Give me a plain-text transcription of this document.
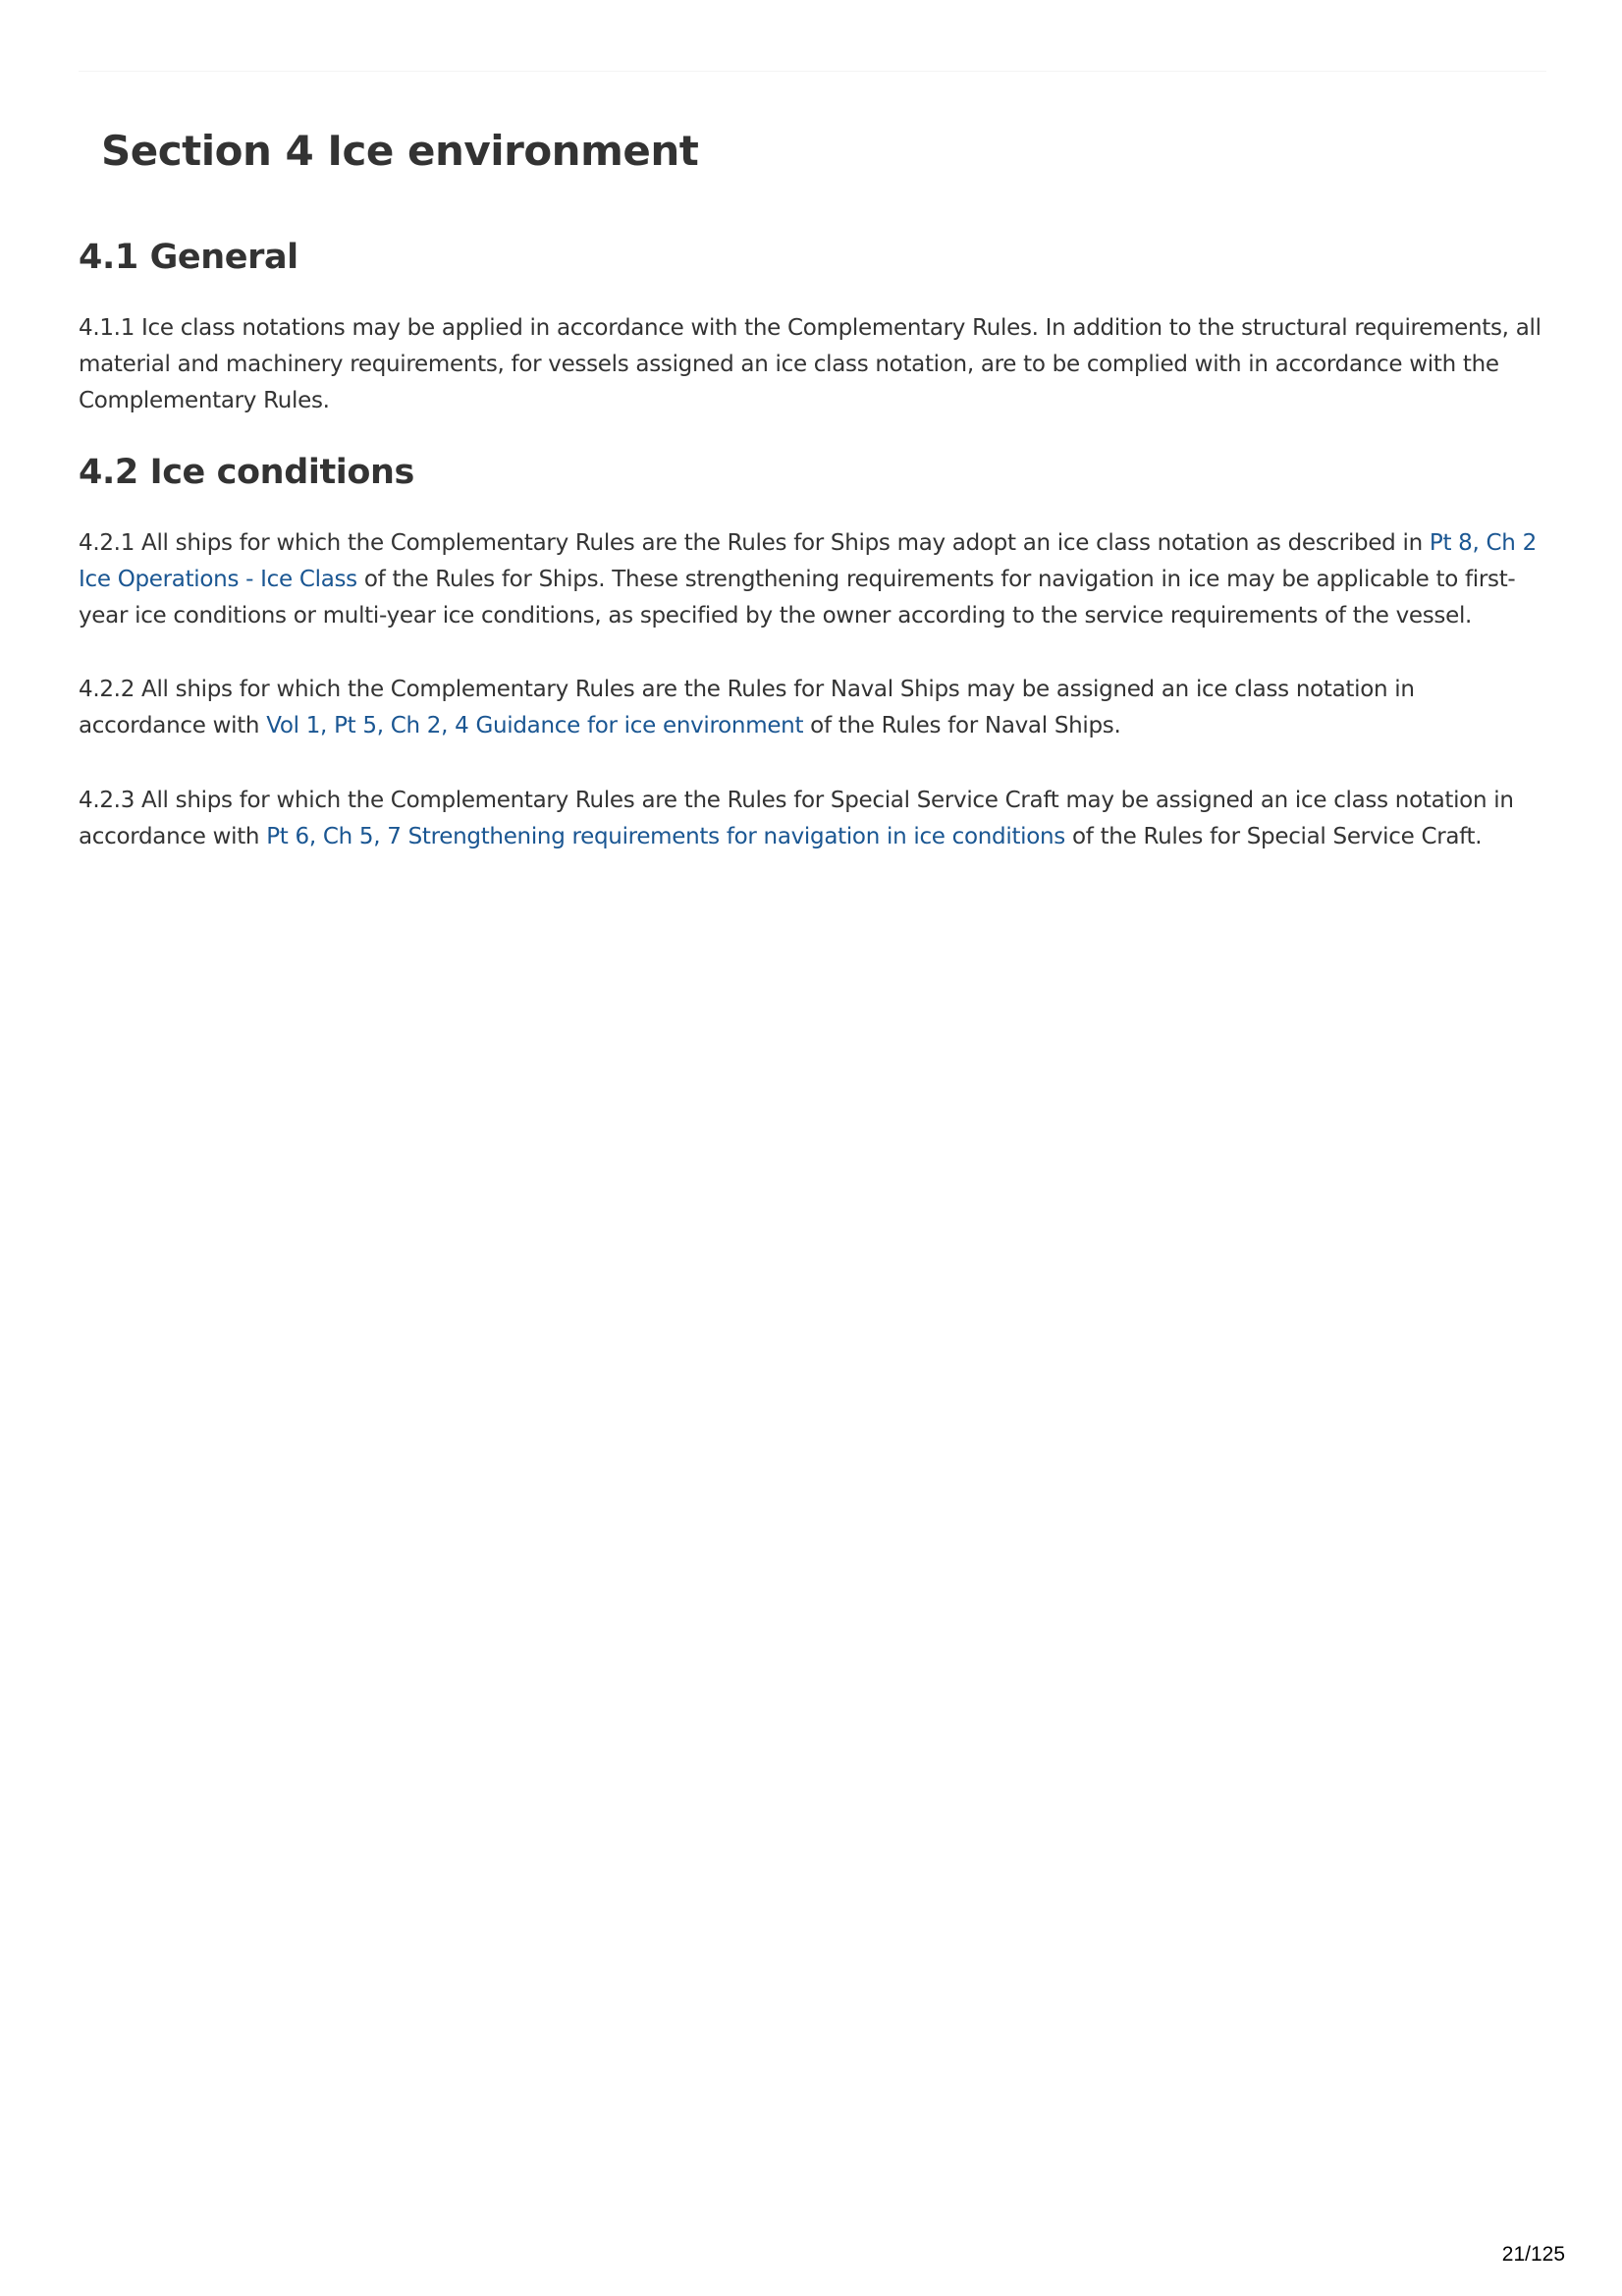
Section 4 Ice environment
4.1 General

4.1.1 Ice class notations may be applied in accordance with the Complementary Rules. In addition to the structural requirements, all material and machinery requirements, for vessels assigned an ice class notation, are to be complied with in accordance with the Complementary Rules.

4.2 Ice conditions

4.2.1 All ships for which the Complementary Rules are the Rules for Ships may adopt an ice class notation as described in Pt 8, Ch 2 Ice Operations - Ice Class of the Rules for Ships. These strengthening requirements for navigation in ice may be applicable to first-year ice conditions or multi-year ice conditions, as specified by the owner according to the service requirements of the vessel.

4.2.2 All ships for which the Complementary Rules are the Rules for Naval Ships may be assigned an ice class notation in accordance with Vol 1, Pt 5, Ch 2, 4 Guidance for ice environment of the Rules for Naval Ships.

4.2.3 All ships for which the Complementary Rules are the Rules for Special Service Craft may be assigned an ice class notation in accordance with Pt 6, Ch 5, 7 Strengthening requirements for navigation in ice conditions of the Rules for Special Service Craft.

21/125
